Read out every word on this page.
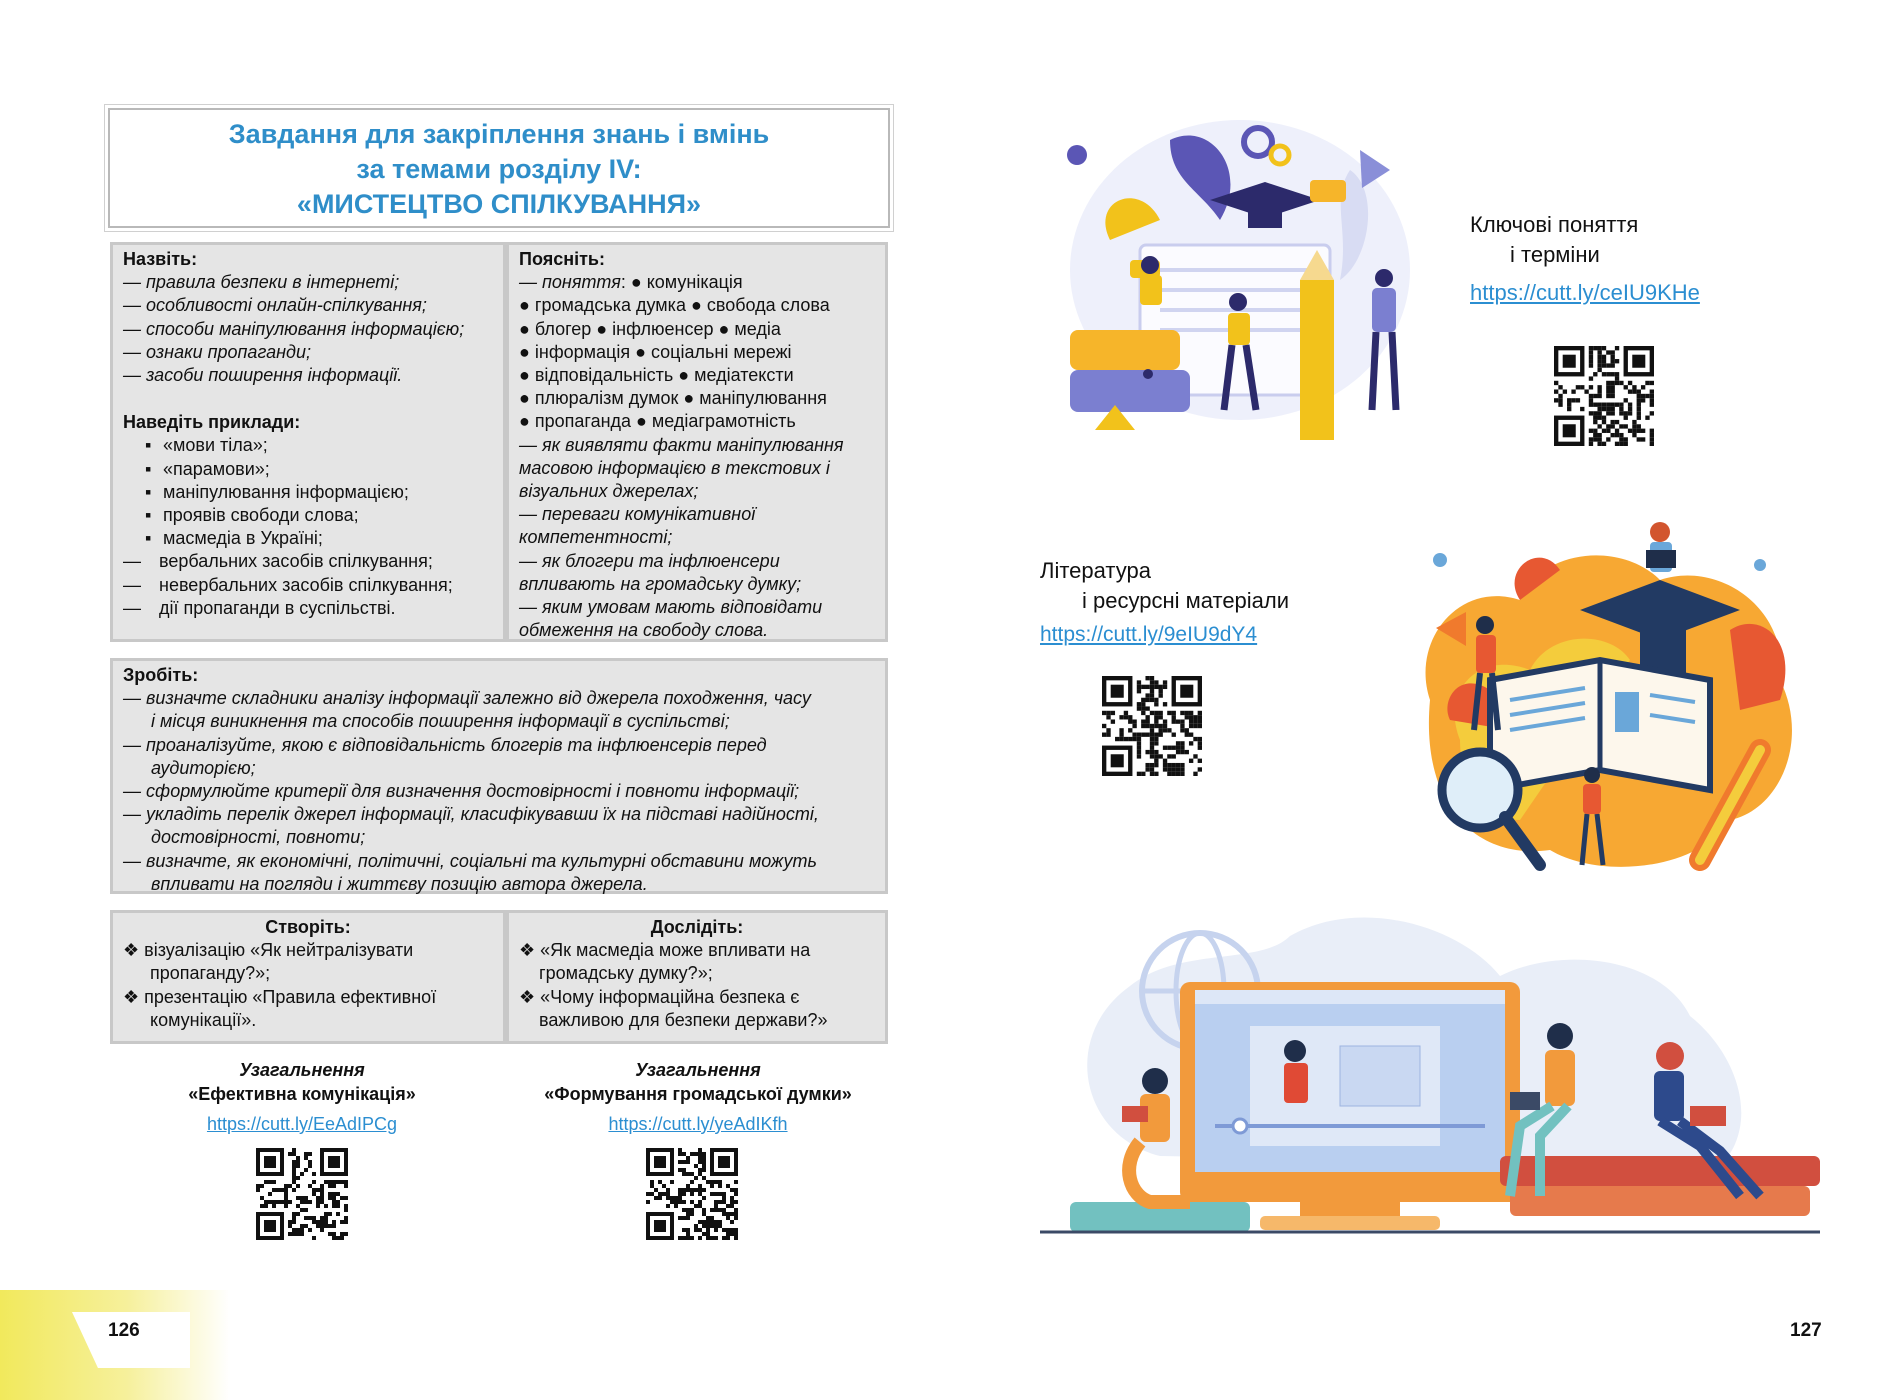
126	127
Завдання для закріплення знань і вмінь
за темами розділу IV:
«МИСТЕЦТВО СПІЛКУВАННЯ»
Назвіть:
— правила безпеки в інтернеті;
— особливості онлайн-спілкування;
— способи маніпулювання інформацією;
— ознаки пропаганди;
— засоби поширення інформації.
Наведіть приклади:
▪ «мови тіла»;
▪ «парамови»;
▪ маніпулювання інформацією;
▪ проявів свободи слова;
▪ масмедіа в Україні;
— вербальних засобів спілкування;
— невербальних засобів спілкування;
— дії пропаганди в суспільстві.
Поясніть:
— поняття: ● комунікація
● громадська думка ● свобода слова
● блогер ● інфлюенсер ● медіа
● інформація ● соціальні мережі
● відповідальність ● медіатексти
● плюралізм думок ● маніпулювання
● пропаганда ● медіаграмотність
— як виявляти факти маніпулювання
масовою інформацією в текстових і
візуальних джерелах;
— переваги комунікативної
компетентності;
— як блогери та інфлюенсери
впливають на громадську думку;
— яким умовам мають відповідати
обмеження на свободу слова.
Зробіть:
— визначте складники аналізу інформації залежно від джерела походження, часу
і місця виникнення та способів поширення інформації в суспільстві;
— проаналізуйте, якою є відповідальність блогерів та інфлюенсерів перед
аудиторією;
— сформулюйте критерії для визначення достовірності і повноти інформації;
— укладіть перелік джерел інформації, класифікувавши їх на підставі надійності,
достовірності, повноти;
— визначте, як економічні, політичні, соціальні та культурні обставини можуть
впливати на погляди і життєву позицію автора джерела.
Створіть:
❖ візуалізацію «Як нейтралізувати
пропаганду?»;
❖ презентацію «Правила ефективної
комунікації».
Дослідіть:
❖ «Як масмедіа може впливати на
громадську думку?»;
❖ «Чому інформаційна безпека є
важливою для безпеки держави?»
Узагальнення
«Ефективна комунікація»
https://cutt.ly/EeAdIPCg
Узагальнення
«Формування громадської думки»
https://cutt.ly/yeAdIKfh
Ключові поняття
і терміни
https://cutt.ly/ceIU9KHe
Література
і ресурсні матеріали
https://cutt.ly/9eIU9dY4
